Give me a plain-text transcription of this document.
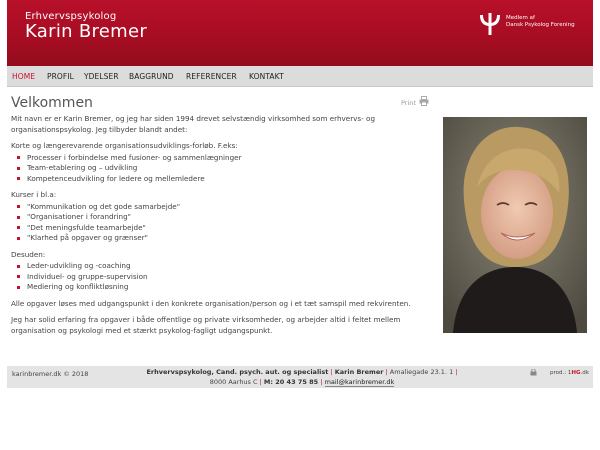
Erhvervspsykolog
Karin Bremer
Medlem af
Dansk Psykolog Forening
HOME PROFIL YDELSER BAGGRUND REFERENCER KONTAKT
Velkommen	Print

Mit navn er er Karin Bremer, og jeg har siden 1994 drevet selvstændig virksomhed som erhvervs- og organisationspsykolog. Jeg tilbyder blandt andet:

Korte og længerevarende organisationsudviklings-forløb. F.eks:

Processer i forbindelse med fusioner- og sammenlægninger
Team-etablering og – udvikling
Kompetenceudvikling for ledere og mellemledere

Kurser i bl.a:

"Kommunikation og det gode samarbejde"
"Organisationer i forandring"
"Det meningsfulde teamarbejde"
"Klarhed på opgaver og grænser"

Desuden:

Leder-udvikling og -coaching
Individuel- og gruppe-supervision
Mediering og konfliktløsning

Alle opgaver løses med udgangspunkt i den konkrete organisation/person og i et tæt samspil med rekvirenten.

Jeg har solid erfaring fra opgaver i både offentlige og private virksomheder, og arbejder altid i feltet mellem organisation og psykologi med et stærkt psykolog-fagligt udgangspunkt.

karinbremer.dk © 2018	Erhvervspsykolog, Cand. psych. aut. og specialist | Karin Bremer | Amaliegade 23.1. 1 |
8000 Aarhus C | M: 20 43 75 85 | mail@karinbremer.dk
prod.: 1HG.dk
